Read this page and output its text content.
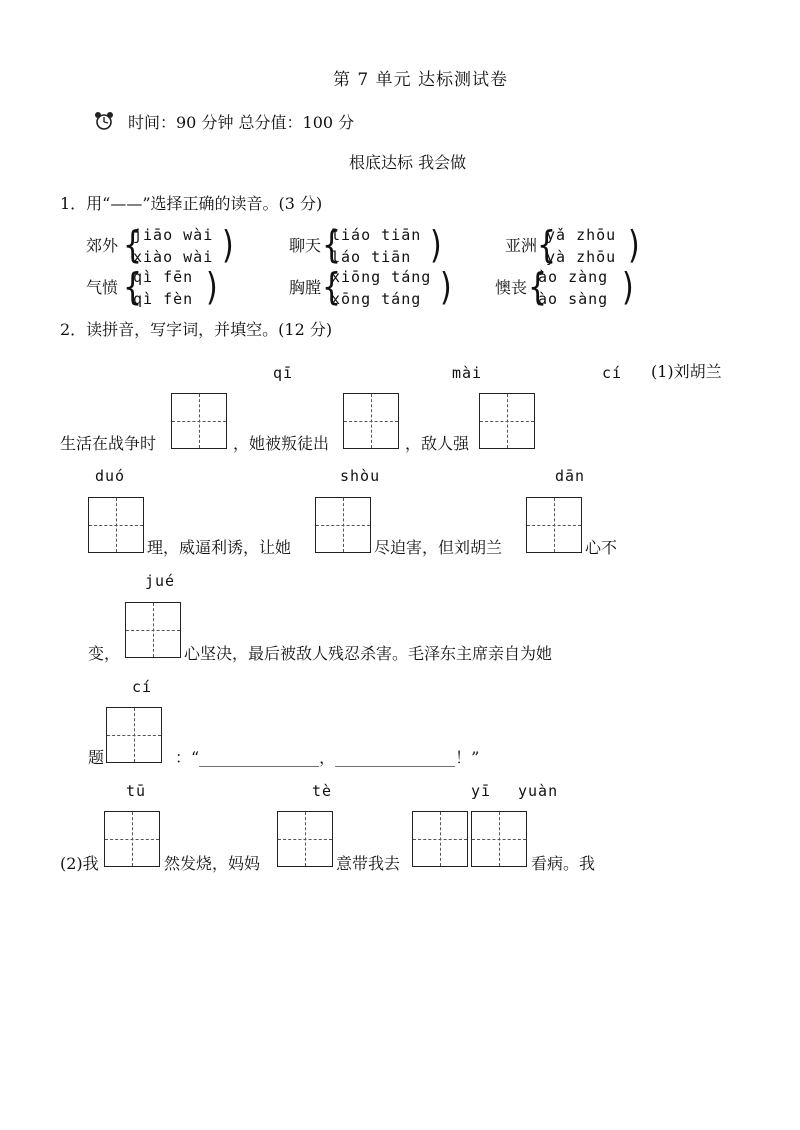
第 7 单元 达标测试卷
时间：90 分钟 总分值：100 分
根底达标 我会做
1．用“——”选择正确的读音。(3 分)
郊外 {
jiāo wài
xiào wài )	聊天 {
liáo tiān
láo tiān )	亚洲 {
yǎ zhōu
yà zhōu )
气愤 {
qì fēn
qì fèn )	胸膛 {
xiōng táng
xōng táng )	懊丧 {
ào zàng
ào sàng )
2．读拼音，写字词，并填空。(12 分)
qī	mài	cí (1)刘胡兰
生活在战争时	，她被叛徒出	，敌人强
duó	shòu	dān
理，威逼利诱，让她	尽迫害，但刘胡兰	心不
jué
变，	心坚决，最后被敌人残忍杀害。毛泽东主席亲自为她
cí
题	：“_______________，_______________！”
tū	tè	yī yuàn
(2)我	然发烧，妈妈	意带我去	看病。我
